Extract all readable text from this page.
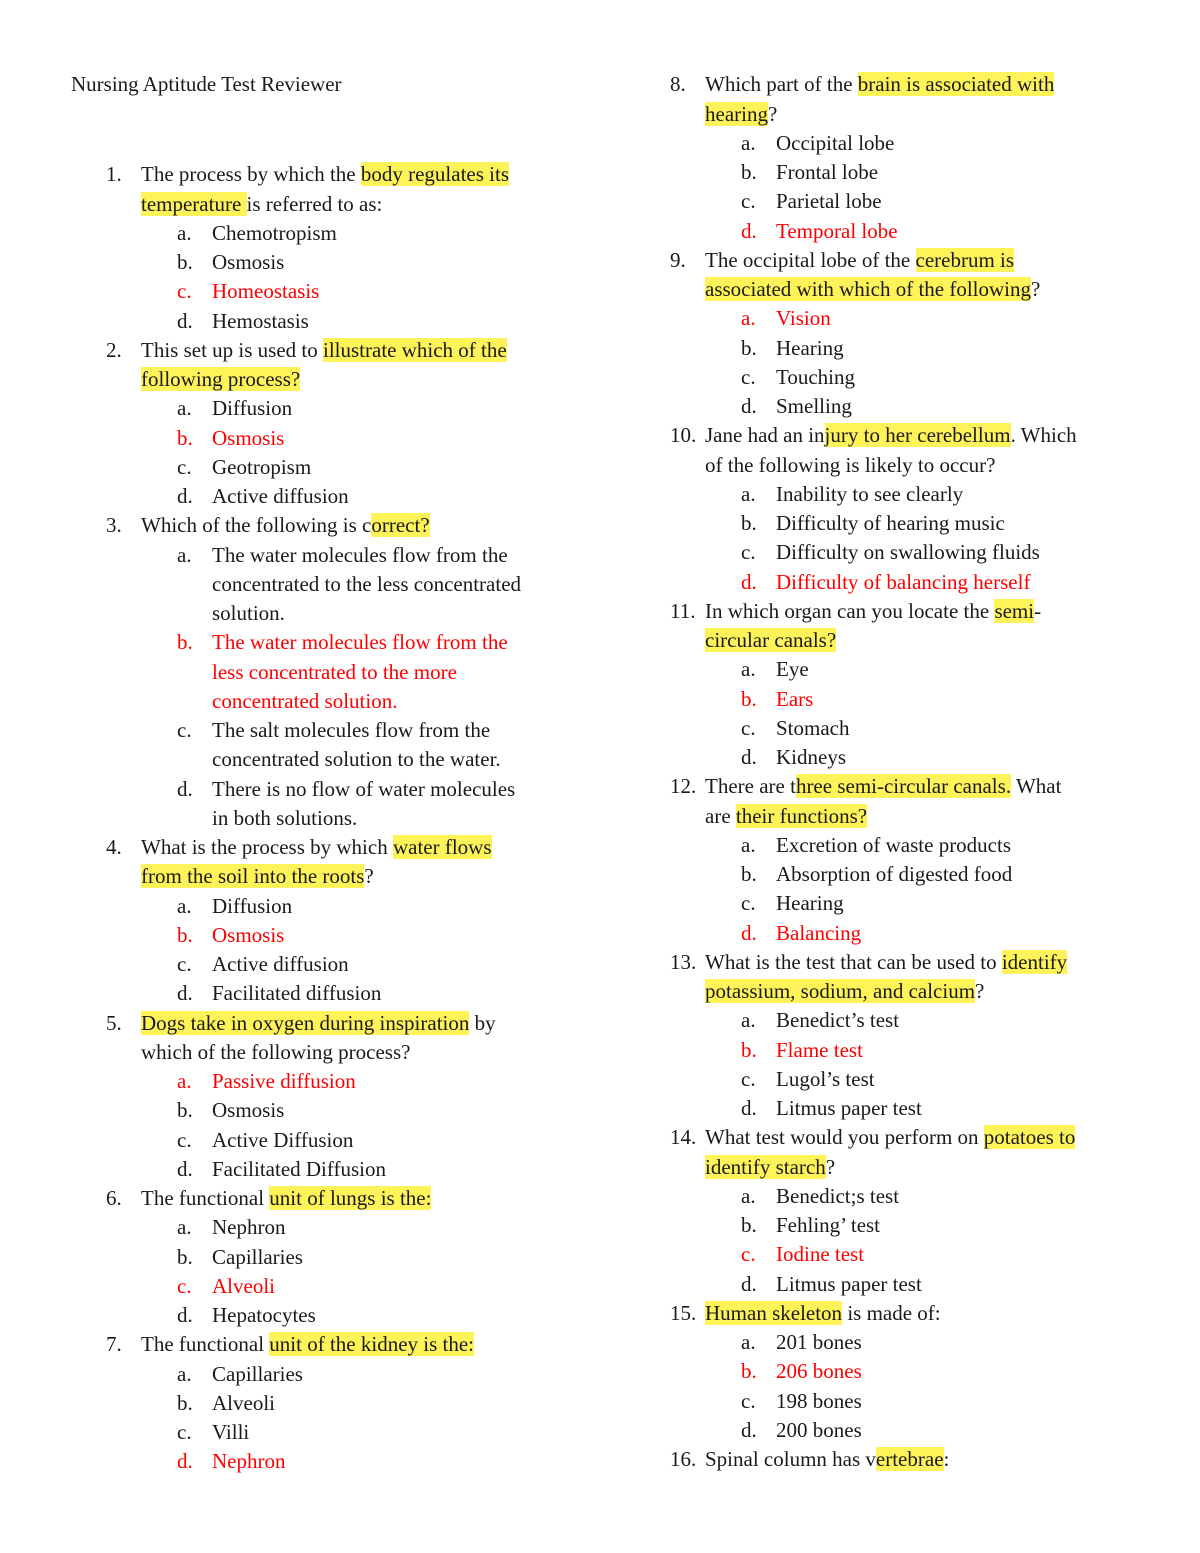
Nursing Aptitude Test Reviewer
1. The process by which the body regulates its
temperature is referred to as:
a. Chemotropism
b. Osmosis
c. Homeostasis
d. Hemostasis
2. This set up is used to illustrate which of the
following process?
a. Diffusion
b. Osmosis
c. Geotropism
d. Active diffusion
3. Which of the following is correct?
a. The water molecules flow from the
concentrated to the less concentrated
solution.
b. The water molecules flow from the
less concentrated to the more
concentrated solution.
c. The salt molecules flow from the
concentrated solution to the water.
d. There is no flow of water molecules
in both solutions.
4. What is the process by which water flows
from the soil into the roots?
a. Diffusion
b. Osmosis
c. Active diffusion
d. Facilitated diffusion
5. Dogs take in oxygen during inspiration by
which of the following process?
a. Passive diffusion
b. Osmosis
c. Active Diffusion
d. Facilitated Diffusion
6. The functional unit of lungs is the:
a. Nephron
b. Capillaries
c. Alveoli
d. Hepatocytes
7. The functional unit of the kidney is the:
a. Capillaries
b. Alveoli
c. Villi
d. Nephron
8. Which part of the brain is associated with
hearing?
a. Occipital lobe
b. Frontal lobe
c. Parietal lobe
d. Temporal lobe
9. The occipital lobe of the cerebrum is
associated with which of the following?
a. Vision
b. Hearing
c. Touching
d. Smelling
10. Jane had an injury to her cerebellum. Which
of the following is likely to occur?
a. Inability to see clearly
b. Difficulty of hearing music
c. Difficulty on swallowing fluids
d. Difficulty of balancing herself
11. In which organ can you locate the semi-
circular canals?
a. Eye
b. Ears
c. Stomach
d. Kidneys
12. There are three semi-circular canals. What
are their functions?
a. Excretion of waste products
b. Absorption of digested food
c. Hearing
d. Balancing
13. What is the test that can be used to identify
potassium, sodium, and calcium?
a. Benedict’s test
b. Flame test
c. Lugol’s test
d. Litmus paper test
14. What test would you perform on potatoes to
identify starch?
a. Benedict;s test
b. Fehling’ test
c. Iodine test
d. Litmus paper test
15. Human skeleton is made of:
a. 201 bones
b. 206 bones
c. 198 bones
d. 200 bones
16. Spinal column has vertebrae:
